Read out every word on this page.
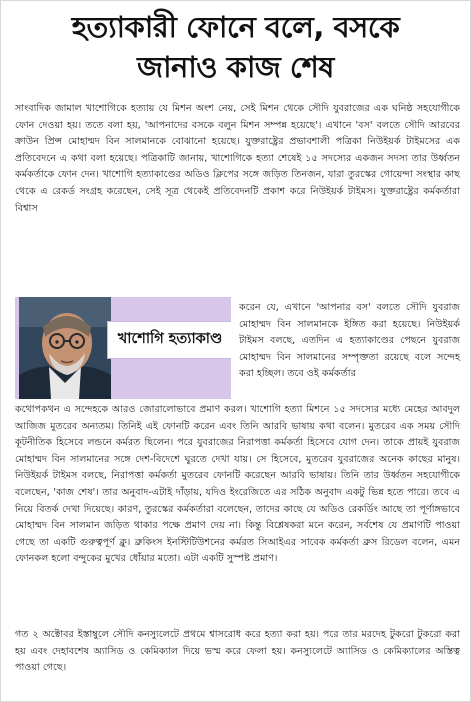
হত্যাকারী ফোনে বলে, বসকে
জানাও কাজ শেষ

সাংবাদিক জামাল খাশোগিকে হত্যায় যে মিশন অংশ নেয়, সেই মিশন থেকে সৌদি যুবরাজের এক ঘনিষ্ঠ সহযোগীকে ফোন দেওয়া হয়। ততে বলা হয়, 'আপনাদের বসকে বলুন মিশন সম্পন্ন হয়েছে'। এখানে 'বস' বলতে সৌদি আরবের ক্রাউন প্রিন্স মোহাম্মদ বিন সালমানকে বোঝানো হয়েছে। যুক্তরাষ্ট্রের প্রভাবশালী পত্রিকা নিউইয়র্ক টাইমসের এক প্রতিবেদনে এ কথা বলা হয়েছে। পত্রিকাটি জানায়, খাশোগিকে হত্যা শেষেই ১৫ সদস্যের একজন সদস্য তার উর্ধ্বতন কর্মকর্তাকে ফোন দেন। খাশোগি হত্যাকাণ্ডের অডিও ক্লিপের সঙ্গে জড়িত তিনজন, যারা তুরস্কের গোয়েন্দা সংস্থার কাছ থেকে এ রেকর্ড সংগ্রহ করেছেন, সেই সূত্র থেকেই প্রতিবেদনটি প্রকাশ করে নিউইয়র্ক টাইমস। যুক্তরাষ্ট্রের কর্মকর্তারা বিশ্বাস

খাশোগি হত্যাকাণ্ড

করেন যে, এখানে 'আপনার বস' বলতে সৌদি যুবরাজ মোহাম্মদ বিন সালমানকে ইঙ্গিত করা হয়েছে। নিউইয়র্ক টাইমস বলছে, এতদিন এ হত্যাকাণ্ডের পেছনে যুবরাজ মোহাম্মদ বিন সালমানের সম্পৃক্ততা রয়েছে বলে সন্দেহ করা হচ্ছিল। তবে ওই কর্মকর্তার

কথোপকথন এ সন্দেহকে আরও জোরালোভাবে প্রমাণ করল। খাশোগি হত্যা মিশনে ১৫ সদস্যের মধ্যে মেহের আবদুল আজিজ মুতরেব অন্যতম। তিনিই এই ফোনটি করেন এবং তিনি আরবি ভাষায় কথা বলেন। মুতরেব এক সময় সৌদি কূটনীতিক হিসেবে লন্ডনে কর্মরত ছিলেন। পরে যুবরাজের নিরাপত্তা কর্মকর্তা হিসেবে যোগ দেন। তাকে প্রায়ই যুবরাজ মোহাম্মদ বিন সালমানের সঙ্গে দেশ-বিদেশে ঘুরতে দেখা যায়। সে হিসেবে, মুতরেব যুবরাজের অনেক কাছের মানুষ। নিউইয়র্ক টাইমস বলছে, নিরাপত্তা কর্মকর্তা মুতরেব ফোনটি করেছেন আরবি ভাষায়। তিনি তার উর্ধ্বতন সহযোগীকে বলেছেন, 'কাজ শেষ'। তার অনুবাদ-এটাই দাঁড়ায়, যদিও ইংরেজিতে এর সঠিক অনুবাদ একটু ভিন্ন হতে পারে। তবে এ নিয়ে বিতর্ক দেখা দিয়েছে। কারণ, তুরস্কের কর্মকর্তারা বলেছেন, তাদের কাছে যে অডিও রেকর্ডিং আছে তা পূর্ণাঙ্গভাবে মোহাম্মদ বিন সালমান জড়িত থাকার পক্ষে প্রমাণ দেয় না। কিন্তু বিশ্লেষকরা মনে করেন, সর্বশেষ যে প্রমাণটি পাওয়া গেছে তা একটি গুরুত্বপূর্ণ ক্লু। ব্রুকিংস ইনস্টিটিউশনের কর্মরত সিআইএর সাবেক কর্মকর্তা ব্রুস রিডেল বলেন, এমন ফোনকল হলো বন্দুকের মুখের ধোঁয়ার মতো। এটা একটি সুস্পষ্ট প্রমাণ।

গত ২ অক্টোবর ইস্তাম্বুলে সৌদি কনস্যুলেটে প্রথমে শ্বাসরোধ করে হত্যা করা হয়। পরে তার মরদেহ টুকরো টুকরো করা হয় এবং দেহাবশেষ অ্যাসিড ও কেমিক্যাল দিয়ে ভস্ম করে ফেলা হয়। কনস্যুলেটে অ্যাসিড ও কেমিক্যালের অস্তিত্ব পাওয়া গেছে।
